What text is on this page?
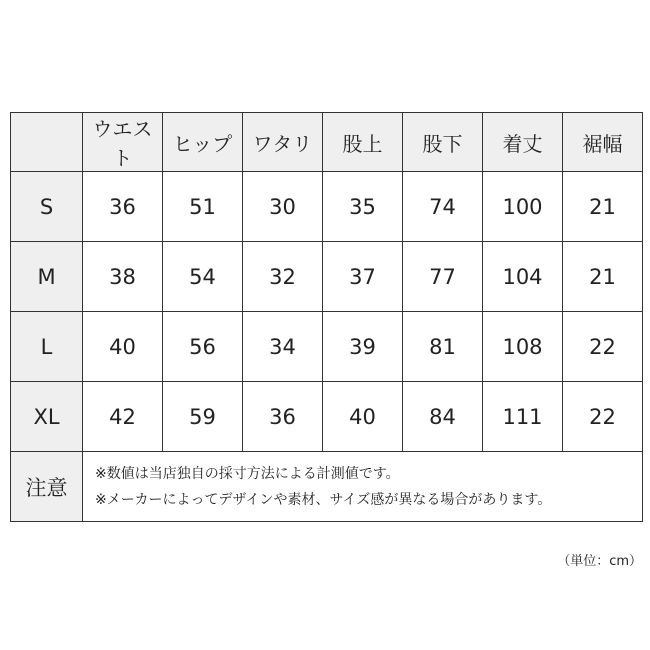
	ウエスト	ヒップ	ワタリ	股上	股下	着丈	裾幅
S	36	51	30	35	74	100	21
M	38	54	32	37	77	104	21
L	40	56	34	39	81	108	22
XL	42	59	36	40	84	111	22
注意	※数値は当店独自の採寸方法による計測値です。
※メーカーによってデザインや素材、サイズ感が異なる場合があります。						
（単位：cm）
